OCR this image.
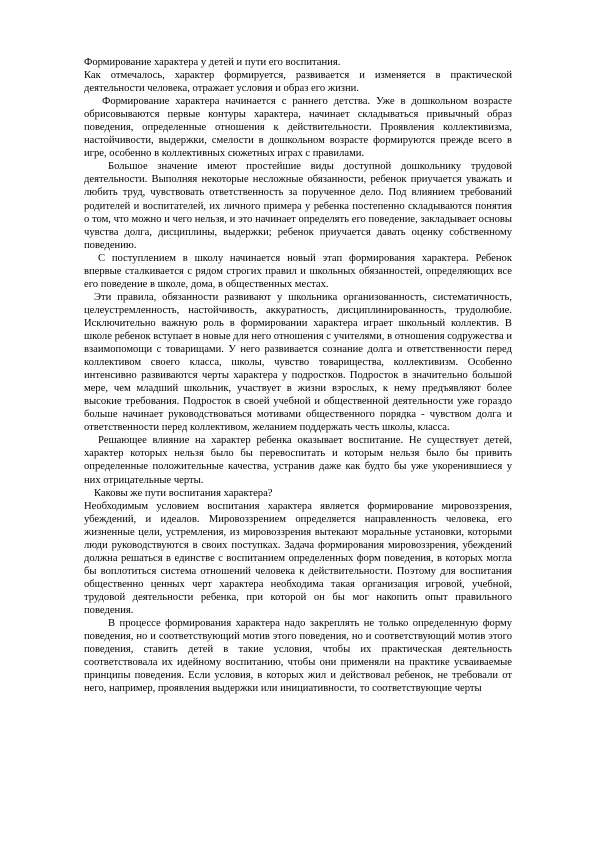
Формирование характера у детей и пути его воспитания.

Как отмечалось, характер формируется, развивается и изменяется в практической деятельности человека, отражает условия и образ его жизни.

Формирование характера начинается с раннего детства. Уже в дошкольном возрасте обрисовываются первые контуры характера, начинает складываться привычный образ поведения, определенные отношения к действительности. Проявления коллективизма, настойчивости, выдержки, смелости в дошкольном возрасте формируются прежде всего в игре, особенно в коллективных сюжетных играх с правилами.

Большое значение имеют простейшие виды доступной дошкольнику трудовой деятельности. Выполняя некоторые несложные обязанности, ребенок приучается уважать и любить труд, чувствовать ответственность за порученное дело. Под влиянием требований родителей и воспитателей, их личного примера у ребенка постепенно складываются понятия о том, что можно и чего нельзя, и это начинает определять его поведение, закладывает основы чувства долга, дисциплины, выдержки; ребенок приучается давать оценку собственному поведению.

С поступлением в школу начинается новый этап формирования характера. Ребенок впервые сталкивается с рядом строгих правил и школьных обязанностей, определяющих все его поведение в школе, дома, в общественных местах.

Эти правила, обязанности развивают у школьника организованность, систематичность, целеустремленность, настойчивость, аккуратность, дисциплинированность, трудолюбие. Исключительно важную роль в формировании характера играет школьный коллектив. В школе ребенок вступает в новые для него отношения с учителями, в отношения содружества и взаимопомощи с товарищами. У него развивается сознание долга и ответственности перед коллективом своего класса, школы, чувство товарищества, коллективизм. Особенно интенсивно развиваются черты характера у подростков. Подросток в значительно большой мере, чем младший школьник, участвует в жизни взрослых, к нему предъявляют более высокие требования. Подросток в своей учебной и общественной деятельности уже гораздо больше начинает руководствоваться мотивами общественного порядка - чувством долга и ответственности перед коллективом, желанием поддержать честь школы, класса.

Решающее влияние на характер ребенка оказывает воспитание. Не существует детей, характер которых нельзя было бы перевоспитать и которым нельзя было бы привить определенные положительные качества, устранив даже как будто бы уже укоренившиеся у них отрицательные черты.

Каковы же пути воспитания характера?

Необходимым условием воспитания характера является формирование мировоззрения, убеждений, и идеалов. Мировоззрением определяется направленность человека, его жизненные цели, устремления, из мировоззрения вытекают моральные установки, которыми люди руководствуются в своих поступках. Задача формирования мировоззрения, убеждений должна решаться в единстве с воспитанием определенных форм поведения, в которых могла бы воплотиться система отношений человека к действительности. Поэтому для воспитания общественно ценных черт характера необходима такая организация игровой, учебной, трудовой деятельности ребенка, при которой он бы мог накопить опыт правильного поведения.

В процессе формирования характера надо закреплять не только определенную форму поведения, но и соответствующий мотив этого поведения, но и соответствующий мотив этого поведения, ставить детей в такие условия, чтобы их практическая деятельность соответствовала их идейному воспитанию, чтобы они применяли на практике усваиваемые принципы поведения. Если условия, в которых жил и действовал ребенок, не требовали от него, например, проявления выдержки или инициативности, то соответствующие черты
